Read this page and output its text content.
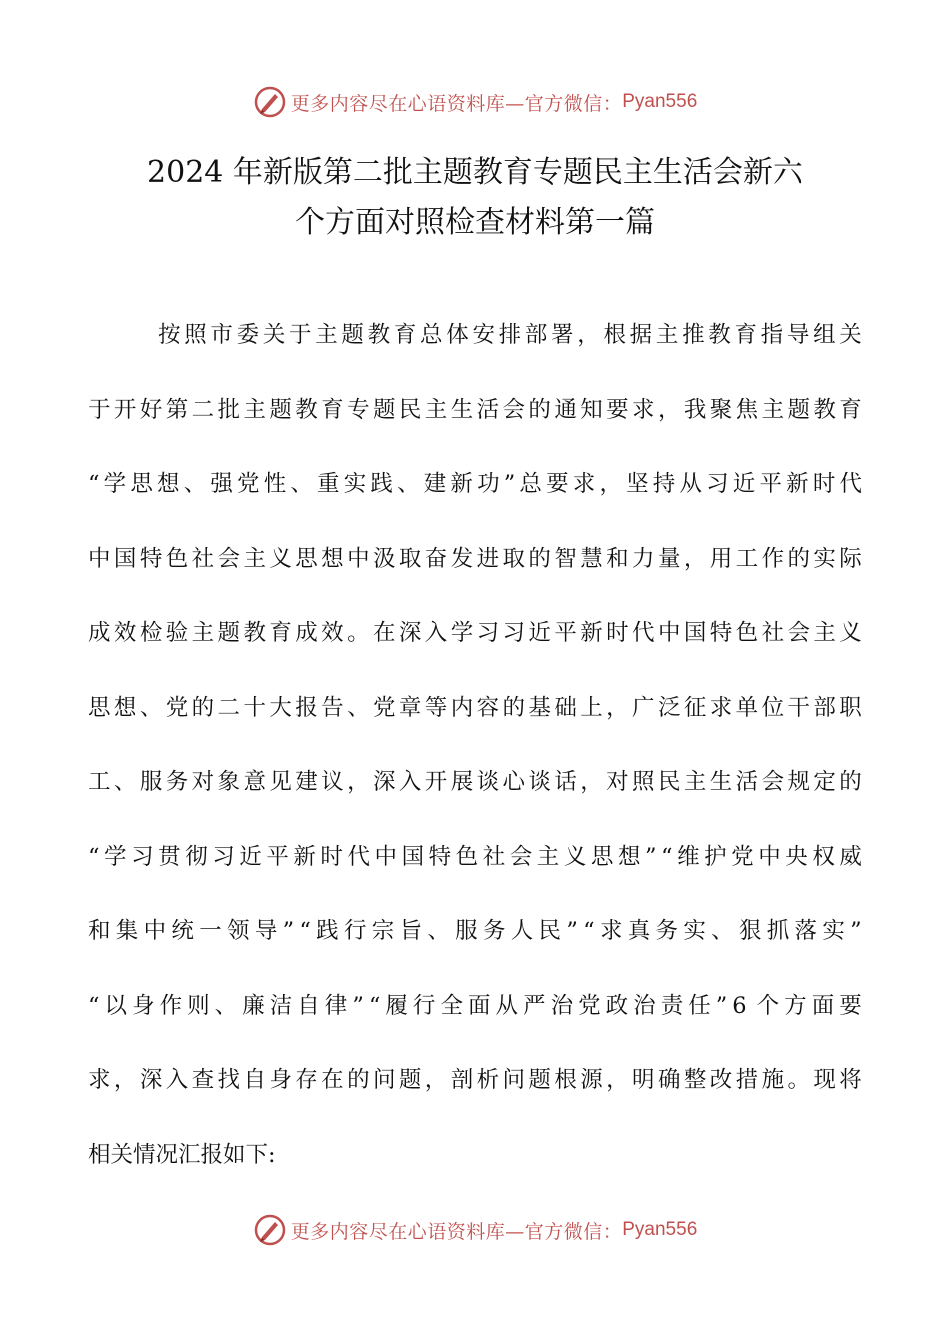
更多内容尽在心语资料库—官方微信： Pyan556
2024 年新版第二批主题教育专题民主生活会新六
个方面对照检查材料第一篇
按 照 市 委 关 于 主 题 教 育 总 体 安 排 部 署 ， 根 据 主 推 教 育 指 导 组 关
于 开 好 第 二 批 主 题 教 育 专 题 民 主 生 活 会 的 通 知 要 求 ， 我 聚 焦 主 题 教 育
“ 学 思 想 、 强 党 性 、 重 实 践 、 建 新 功 ” 总 要 求 ， 坚 持 从 习 近 平 新 时 代
中 国 特 色 社 会 主 义 思 想 中 汲 取 奋 发 进 取 的 智 慧 和 力 量 ， 用 工 作 的 实 际
成 效 检 验 主 题 教 育 成 效 。 在 深 入 学 习 习 近 平 新 时 代 中 国 特 色 社 会 主 义
思 想 、 党 的 二 十 大 报 告 、 党 章 等 内 容 的 基 础 上 ， 广 泛 征 求 单 位 干 部 职
工 、 服 务 对 象 意 见 建 议 ， 深 入 开 展 谈 心 谈 话 ， 对 照 民 主 生 活 会 规 定 的
“ 学 习 贯 彻 习 近 平 新 时 代 中 国 特 色 社 会 主 义 思 想 ” “ 维 护 党 中 央 权 威
和 集 中 统 一 领 导 ” “ 践 行 宗 旨 、 服 务 人 民 ” “ 求 真 务 实 、 狠 抓 落 实 ”
“ 以 身 作 则 、 廉 洁 自 律 ” “ 履 行 全 面 从 严 治 党 政 治 责 任 ” 6 个 方 面 要
求 ， 深 入 查 找 自 身 存 在 的 问 题 ， 剖 析 问 题 根 源 ， 明 确 整 改 措 施 。 现 将
相关情况汇报如下:
更多内容尽在心语资料库—官方微信： Pyan556
